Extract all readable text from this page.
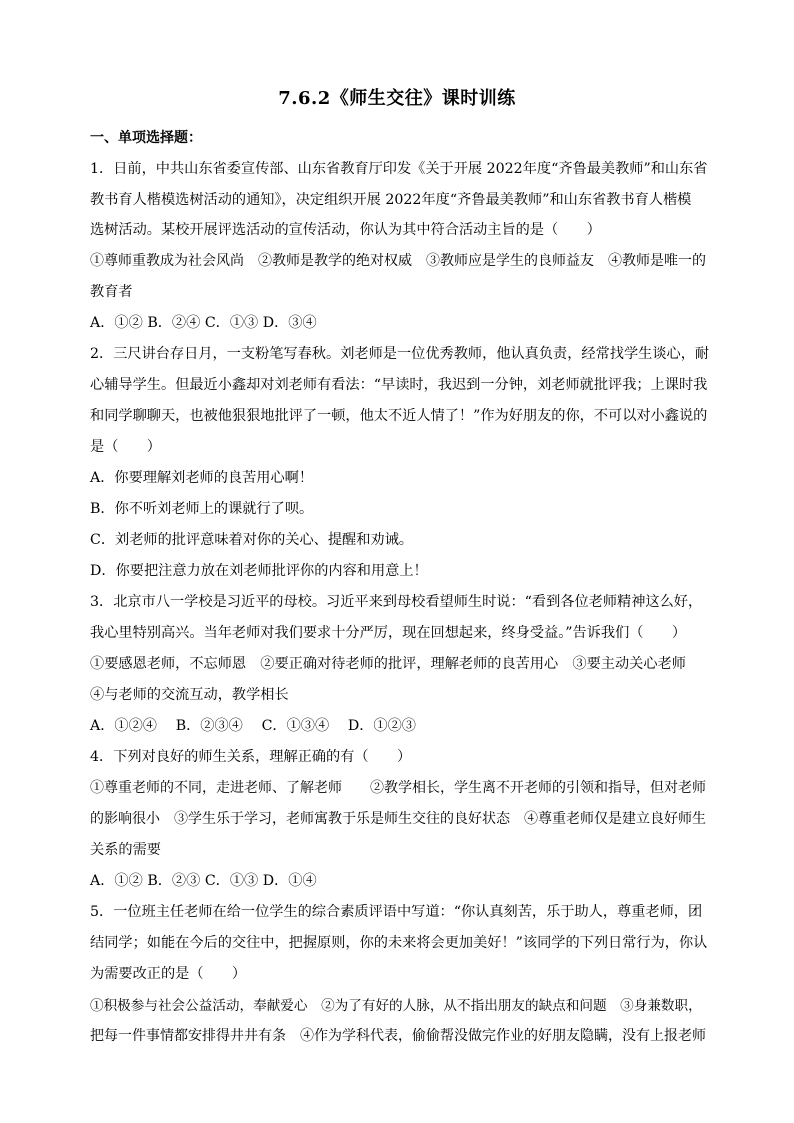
7.6.2《师生交往》课时训练
一、单项选择题：
1．日前，中共山东省委宣传部、山东省教育厅印发《关于开展 2022年度“齐鲁最美教师”和山东省
教书育人楷模选树活动的通知》，决定组织开展 2022年度“齐鲁最美教师”和山东省教书育人楷模
选树活动。某校开展评选活动的宣传活动，你认为其中符合活动主旨的是（　　）
①尊师重教成为社会风尚　②教师是教学的绝对权威　③教师应是学生的良师益友　④教师是唯一的
教育者
A．①② B．②④ C．①③ D．③④
2．三尺讲台存日月，一支粉笔写春秋。刘老师是一位优秀教师，他认真负责，经常找学生谈心，耐
心辅导学生。但最近小鑫却对刘老师有看法：“早读时，我迟到一分钟，刘老师就批评我；上课时我
和同学聊聊天，也被他狠狠地批评了一顿，他太不近人情了！”作为好朋友的你，不可以对小鑫说的
是（　　）
A．你要理解刘老师的良苦用心啊！
B．你不听刘老师上的课就行了呗。
C．刘老师的批评意味着对你的关心、提醒和劝诫。
D．你要把注意力放在刘老师批评你的内容和用意上！
3．北京市八一学校是习近平的母校。习近平来到母校看望师生时说：“看到各位老师精神这么好，
我心里特别高兴。当年老师对我们要求十分严厉，现在回想起来，终身受益。”告诉我们（　　）
①要感恩老师，不忘师恩　②要正确对待老师的批评，理解老师的良苦用心　③要主动关心老师
④与老师的交流互动，教学相长
A．①②④　 B．②③④　 C．①③④　 D．①②③
4．下列对良好的师生关系，理解正确的有（　　）
①尊重老师的不同，走进老师、了解老师　　②教学相长，学生离不开老师的引领和指导，但对老师
的影响很小　③学生乐于学习，老师寓教于乐是师生交往的良好状态　④尊重老师仅是建立良好师生
关系的需要
A．①② B．②③ C．①③ D．①④
5．一位班主任老师在给一位学生的综合素质评语中写道：“你认真刻苦，乐于助人，尊重老师，团
结同学；如能在今后的交往中，把握原则，你的未来将会更加美好！”该同学的下列日常行为，你认
为需要改正的是（　　）
①积极参与社会公益活动，奉献爱心　②为了有好的人脉，从不指出朋友的缺点和问题　③身兼数职，
把每一件事情都安排得井井有条　④作为学科代表，偷偷帮没做完作业的好朋友隐瞒，没有上报老师
